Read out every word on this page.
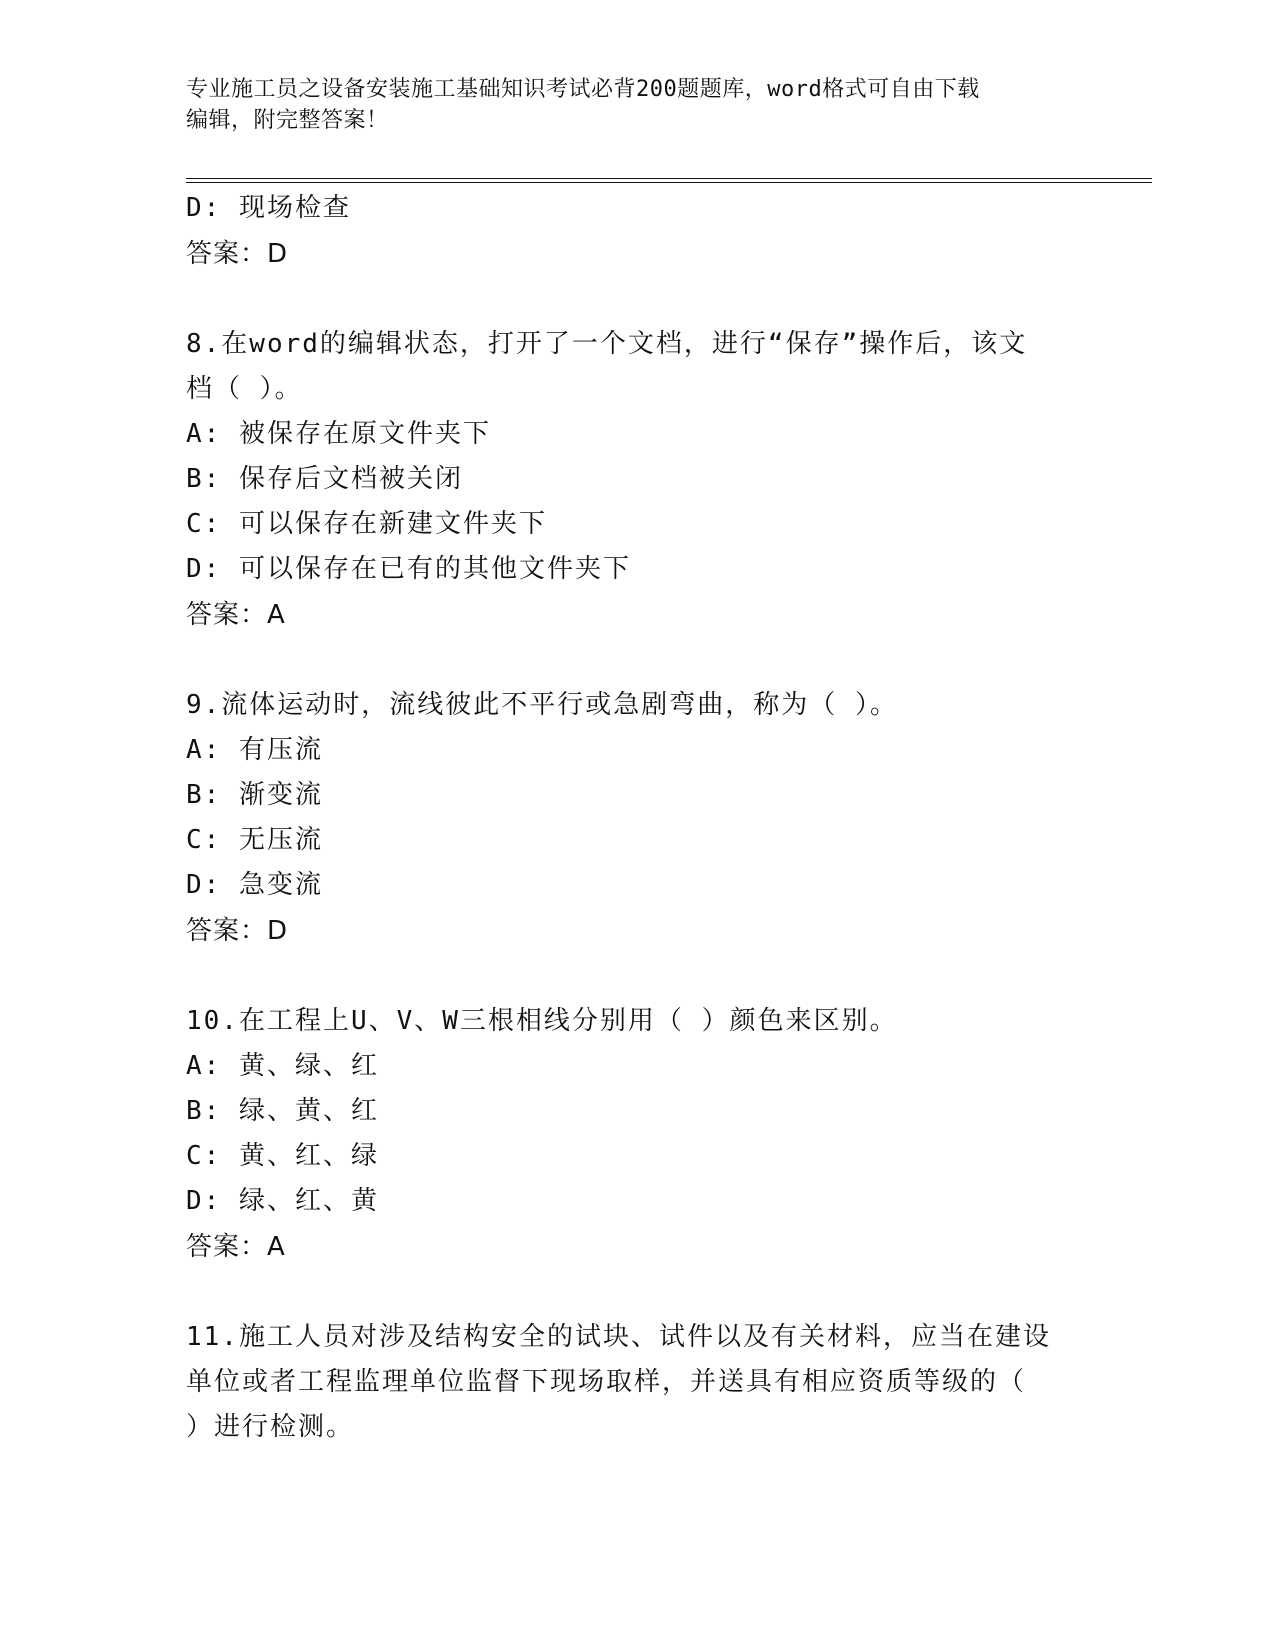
专业施工员之设备安装施工基础知识考试必背200题题库，word格式可自由下载
编辑，附完整答案！
D: 现场检查
答案：D
8.在word的编辑状态，打开了一个文档，进行“保存”操作后，该文
档（ ）。
A: 被保存在原文件夹下
B: 保存后文档被关闭
C: 可以保存在新建文件夹下
D: 可以保存在已有的其他文件夹下
答案：A
9.流体运动时，流线彼此不平行或急剧弯曲，称为（ ）。
A: 有压流
B: 渐变流
C: 无压流
D: 急变流
答案：D
10.在工程上U、V、W三根相线分别用（ ）颜色来区别。
A: 黄、绿、红
B: 绿、黄、红
C: 黄、红、绿
D: 绿、红、黄
答案：A
11.施工人员对涉及结构安全的试块、试件以及有关材料，应当在建设
单位或者工程监理单位监督下现场取样，并送具有相应资质等级的（
）进行检测。
